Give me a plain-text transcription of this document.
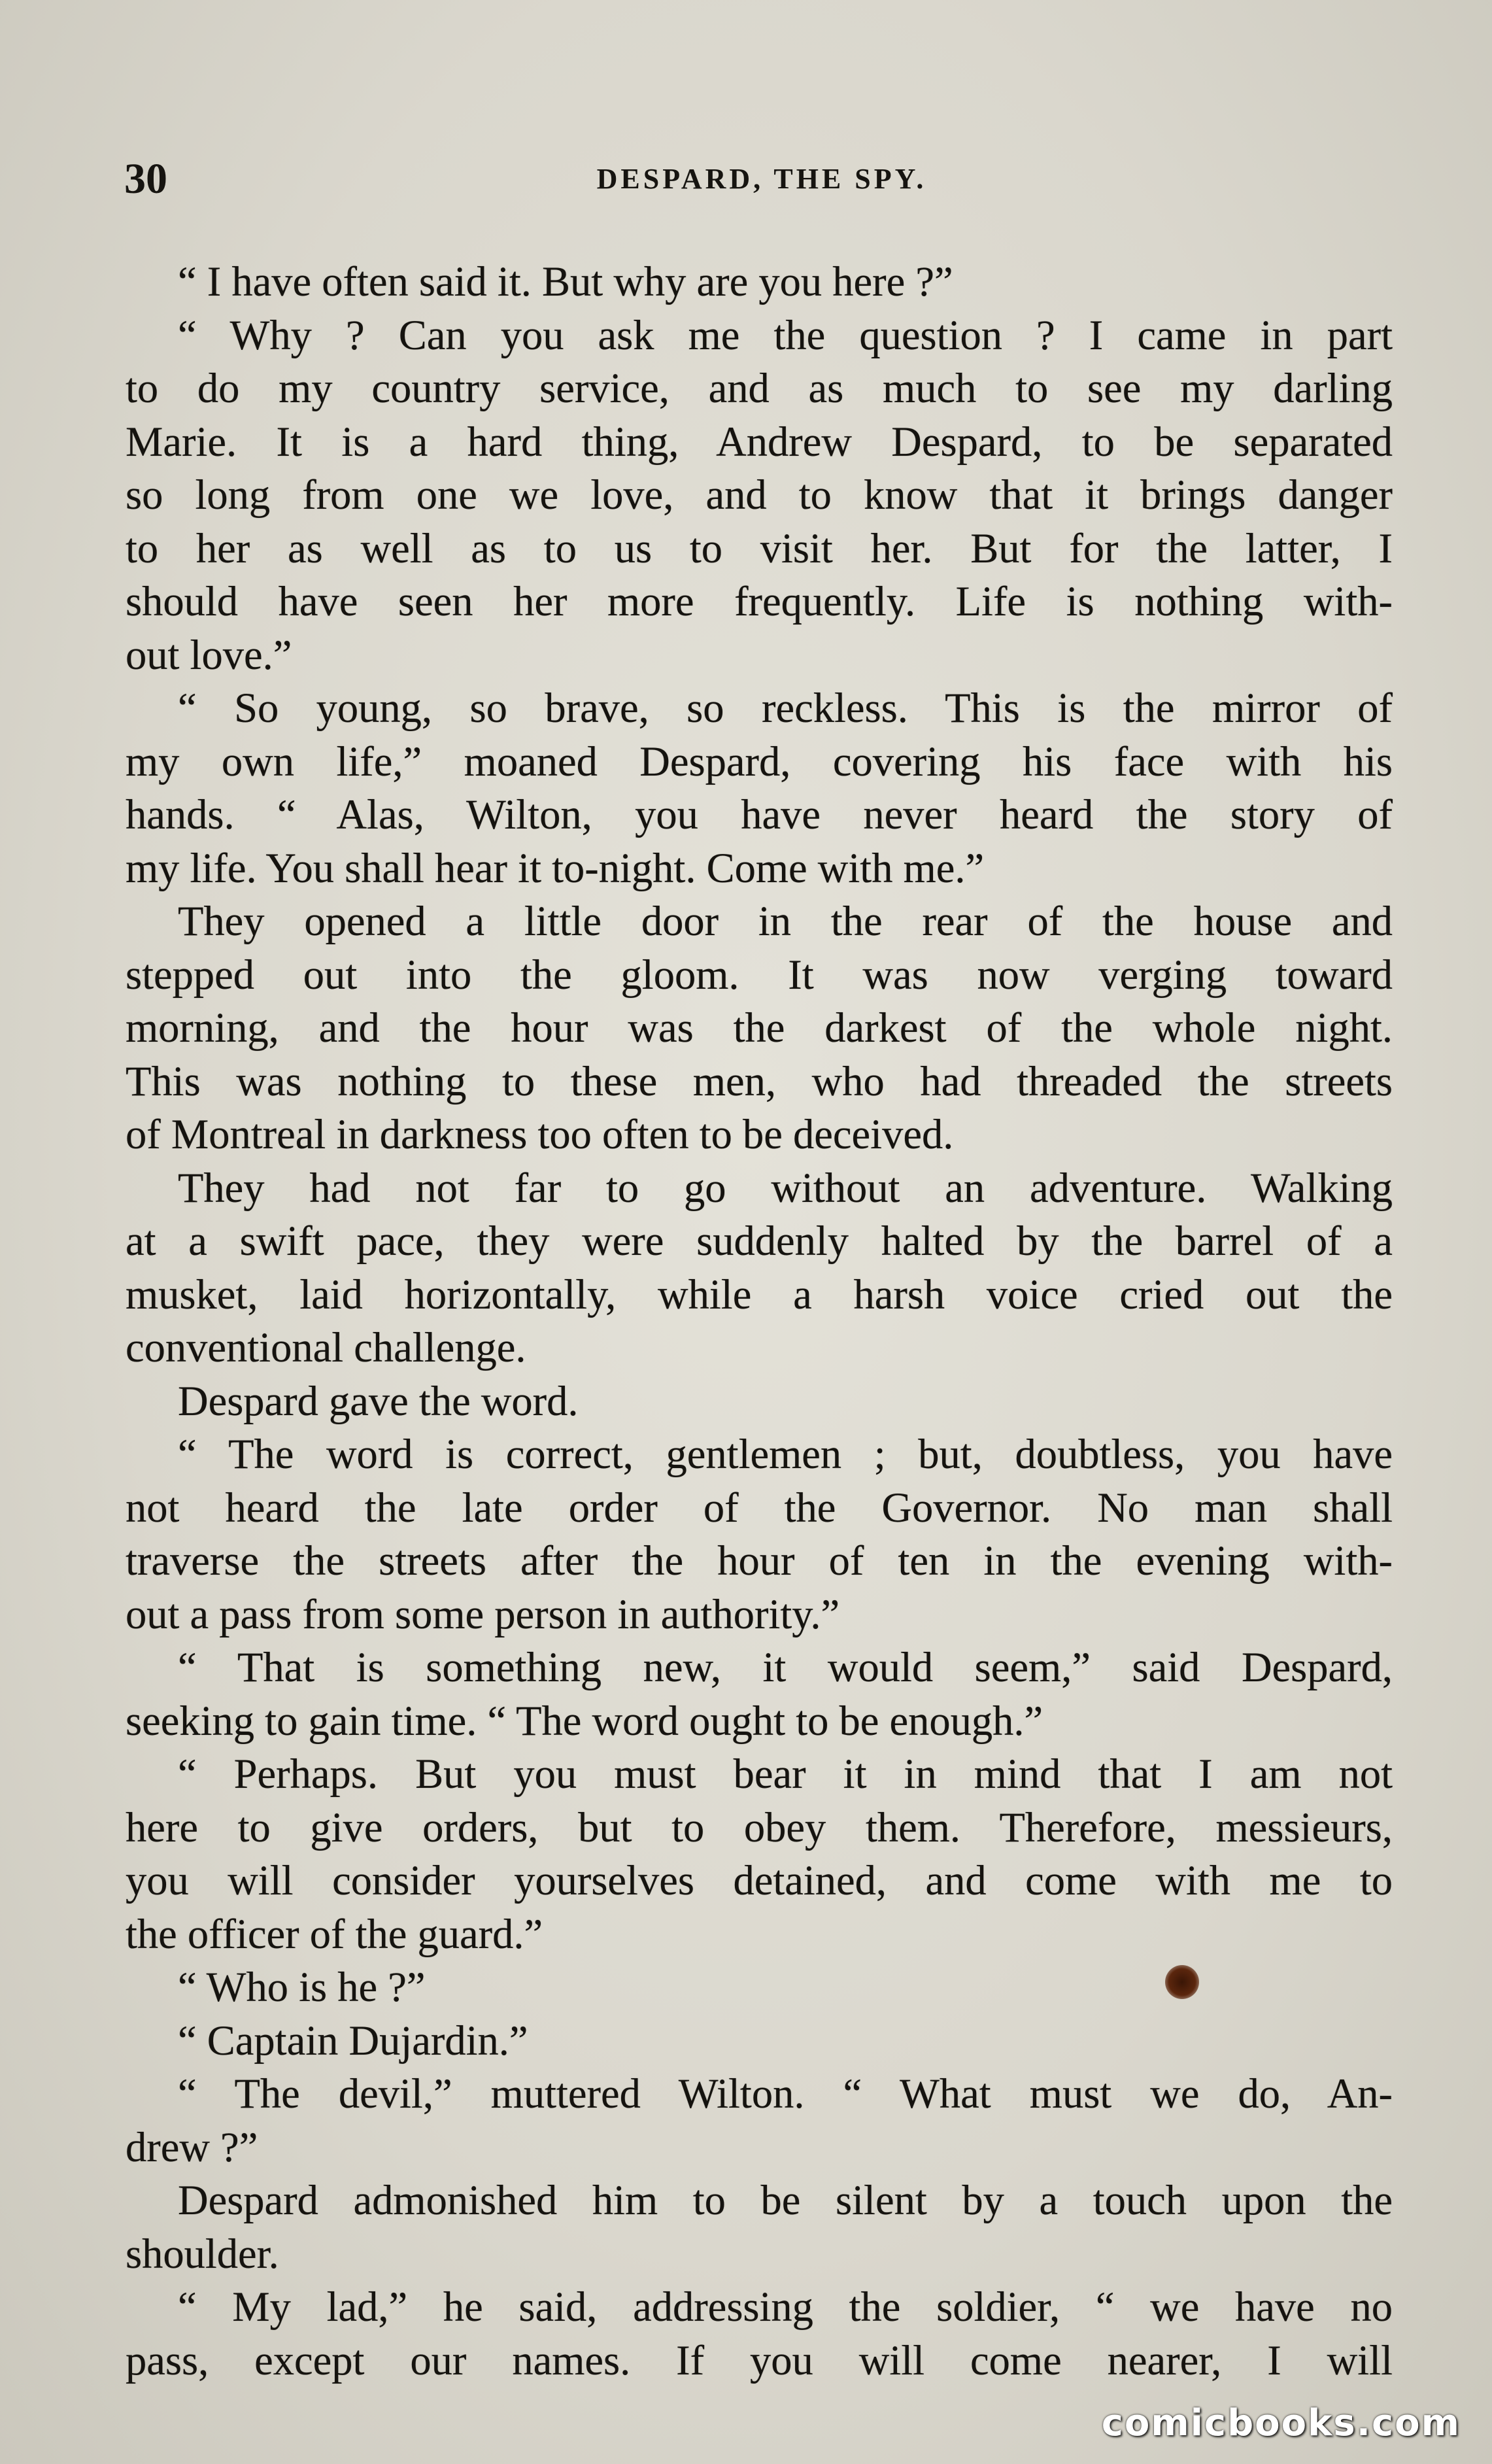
30	DESPARD, THE SPY.
“ I have often said it. But why are you here ?”
“ Why ? Can you ask me the question ? I came in part
to do my country service, and as much to see my darling
Marie. It is a hard thing, Andrew Despard, to be separated
so long from one we love, and to know that it brings danger
to her as well as to us to visit her. But for the latter, I
should have seen her more frequently. Life is nothing with-
out love.”
“ So young, so brave, so reckless. This is the mirror of
my own life,” moaned Despard, covering his face with his
hands. “ Alas, Wilton, you have never heard the story of
my life. You shall hear it to-night. Come with me.”
They opened a little door in the rear of the house and
stepped out into the gloom. It was now verging toward
morning, and the hour was the darkest of the whole night.
This was nothing to these men, who had threaded the streets
of Montreal in darkness too often to be deceived.
They had not far to go without an adventure. Walking
at a swift pace, they were suddenly halted by the barrel of a
musket, laid horizontally, while a harsh voice cried out the
conventional challenge.
Despard gave the word.
“ The word is correct, gentlemen ; but, doubtless, you have
not heard the late order of the Governor. No man shall
traverse the streets after the hour of ten in the evening with-
out a pass from some person in authority.”
“ That is something new, it would seem,” said Despard,
seeking to gain time. “ The word ought to be enough.”
“ Perhaps. But you must bear it in mind that I am not
here to give orders, but to obey them. Therefore, messieurs,
you will consider yourselves detained, and come with me to
the officer of the guard.”
“ Who is he ?”
“ Captain Dujardin.”
“ The devil,” muttered Wilton. “ What must we do, An-
drew ?”
Despard admonished him to be silent by a touch upon the
shoulder.
“ My lad,” he said, addressing the soldier, “ we have no
pass, except our names. If you will come nearer, I will
comicbooks.com
